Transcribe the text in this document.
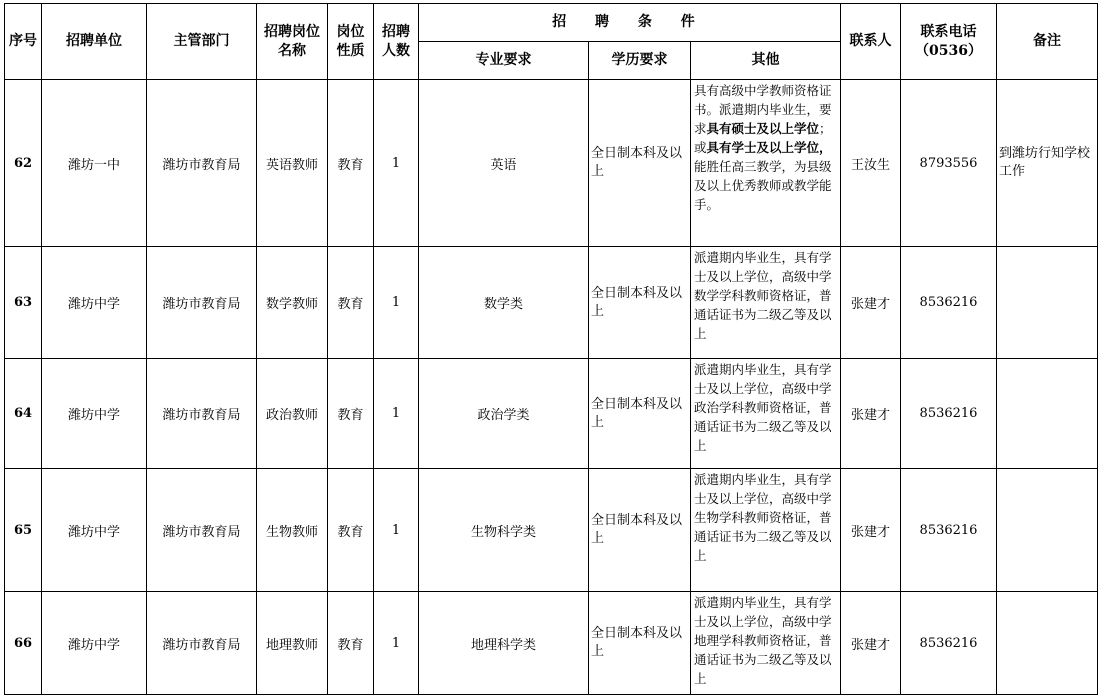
序号	招聘单位	主管部门	招聘岗位名称	岗位性质	招聘人数	招 聘 条 件			联系人	联系电话（0536）	备注
						专业要求	学历要求	其他			
62	潍坊一中	潍坊市教育局	英语教师	教育	1	英语	全日制本科及以上	具有高级中学教师资格证书。派遣期内毕业生，要求具有硕士及以上学位；或具有学士及以上学位，能胜任高三教学，为县级及以上优秀教师或教学能手。	王汝生	8793556	到潍坊行知学校工作
63	潍坊中学	潍坊市教育局	数学教师	教育	1	数学类	全日制本科及以上	派遣期内毕业生，具有学士及以上学位，高级中学数学学科教师资格证，普通话证书为二级乙等及以上	张建才	8536216	
64	潍坊中学	潍坊市教育局	政治教师	教育	1	政治学类	全日制本科及以上	派遣期内毕业生，具有学士及以上学位，高级中学政治学科教师资格证，普通话证书为二级乙等及以上	张建才	8536216	
65	潍坊中学	潍坊市教育局	生物教师	教育	1	生物科学类	全日制本科及以上	派遣期内毕业生，具有学士及以上学位，高级中学生物学科教师资格证，普通话证书为二级乙等及以上	张建才	8536216	
66	潍坊中学	潍坊市教育局	地理教师	教育	1	地理科学类	全日制本科及以上	派遣期内毕业生，具有学士及以上学位，高级中学地理学科教师资格证，普通话证书为二级乙等及以上	张建才	8536216	
